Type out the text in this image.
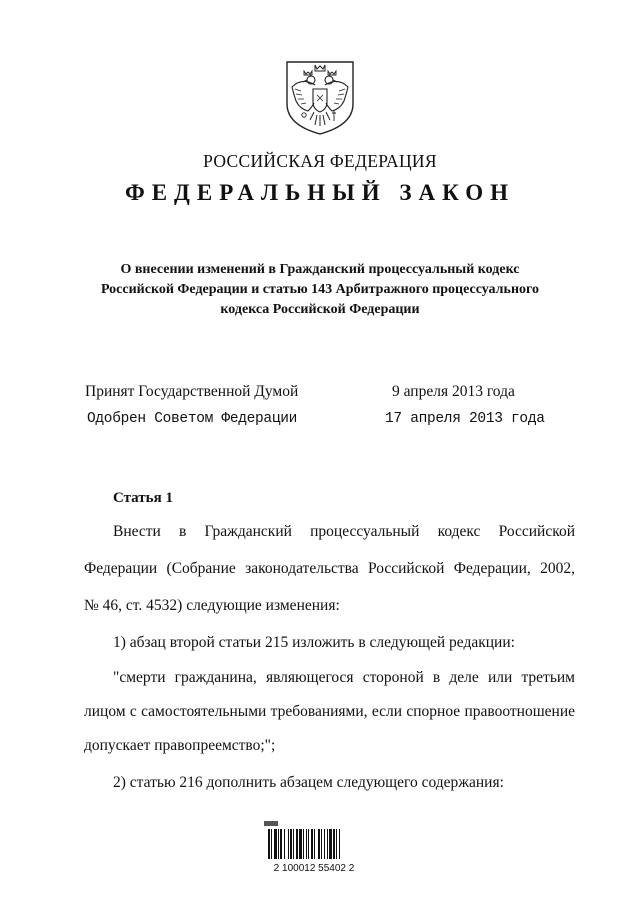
РОССИЙСКАЯ ФЕДЕРАЦИЯ
ФЕДЕРАЛЬНЫЙ ЗАКОН
О внесении изменений в Гражданский процессуальный кодекс
Российской Федерации и статью 143 Арбитражного процессуального
кодекса Российской Федерации
Принят Государственной Думой	9 апреля 2013 года
Одобрен Советом Федерации	17 апреля 2013 года
Статья 1
Внести в Гражданский процессуальный кодекс Российской
Федерации (Собрание законодательства Российской Федерации, 2002,
№ 46, ст. 4532) следующие изменения:
1) абзац второй статьи 215 изложить в следующей редакции:
"смерти гражданина, являющегося стороной в деле или третьим
лицом с самостоятельными требованиями, если спорное правоотношение
допускает правопреемство;";
2) статью 216 дополнить абзацем следующего содержания:
2 100012 55402 2
